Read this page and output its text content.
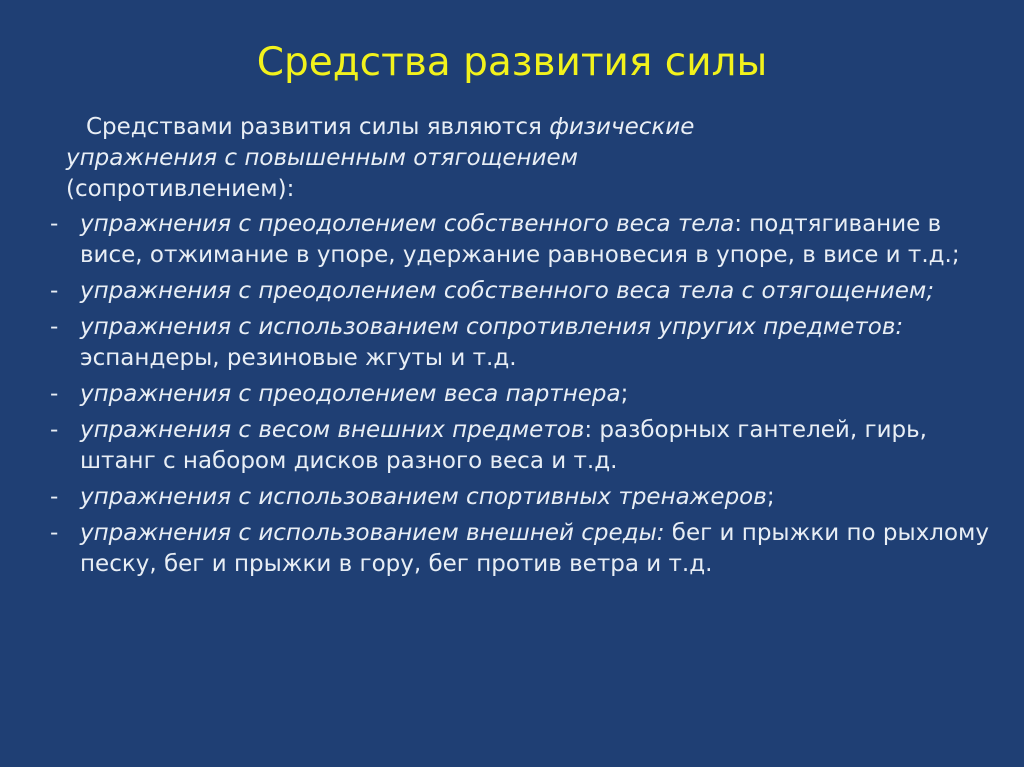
Средства развития силы
Средствами развития силы являются физические
упражнения с повышенным отягощением
(сопротивлением):
- упражнения с преодолением собственного веса тела: подтягивание в висе, отжимание в упоре, удержание равновесия в упоре, в висе и т.д.;
- упражнения с преодолением собственного веса тела с отягощением;
- упражнения с использованием сопротивления упругих предметов: эспандеры, резиновые жгуты и т.д.
- упражнения с преодолением веса партнера;
- упражнения с весом внешних предметов: разборных гантелей, гирь, штанг с набором дисков разного веса и т.д.
- упражнения с использованием спортивных тренажеров;
- упражнения с использованием внешней среды: бег и прыжки по рыхлому песку, бег и прыжки в гору, бег против ветра и т.д.
